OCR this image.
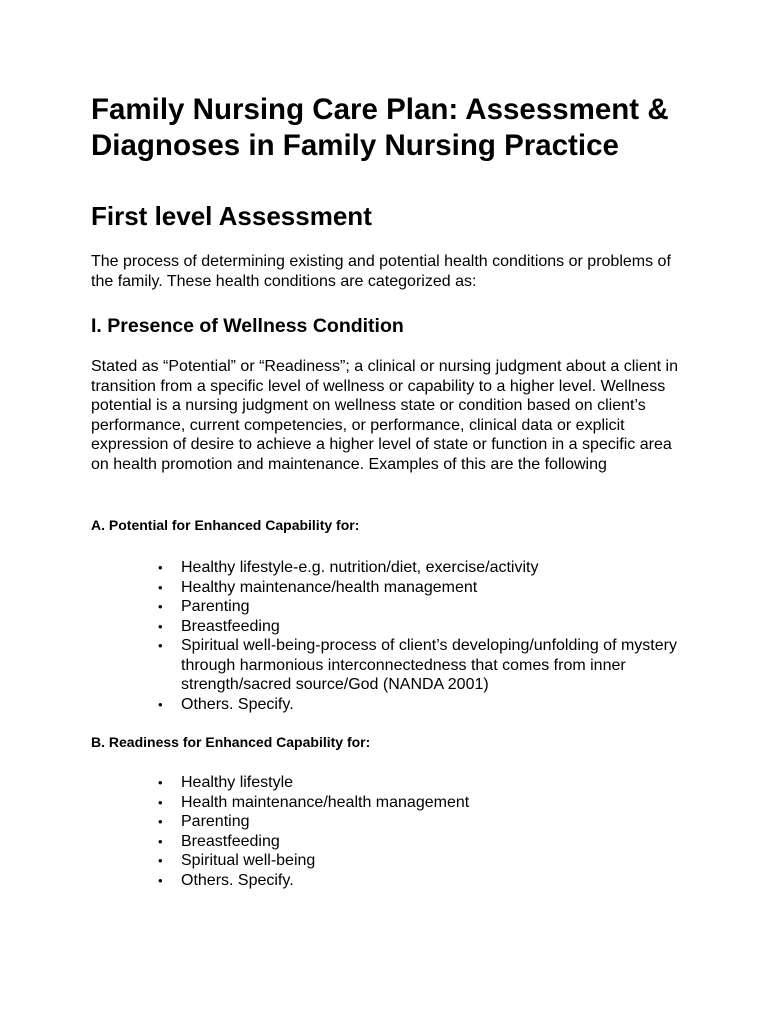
Family Nursing Care Plan: Assessment & Diagnoses in Family Nursing Practice
First level Assessment

The process of determining existing and potential health conditions or problems of the family. These health conditions are categorized as:

I. Presence of Wellness Condition

Stated as “Potential” or “Readiness”; a clinical or nursing judgment about a client in transition from a specific level of wellness or capability to a higher level. Wellness potential is a nursing judgment on wellness state or condition based on client’s performance, current competencies, or performance, clinical data or explicit expression of desire to achieve a higher level of state or function in a specific area on health promotion and maintenance. Examples of this are the following

A. Potential for Enhanced Capability for:
• Healthy lifestyle-e.g. nutrition/diet, exercise/activity
• Healthy maintenance/health management
• Parenting
• Breastfeeding
• Spiritual well-being-process of client’s developing/unfolding of mystery through harmonious interconnectedness that comes from inner strength/sacred source/God (NANDA 2001)
• Others. Specify.
B. Readiness for Enhanced Capability for:
• Healthy lifestyle
• Health maintenance/health management
• Parenting
• Breastfeeding
• Spiritual well-being
• Others. Specify.
